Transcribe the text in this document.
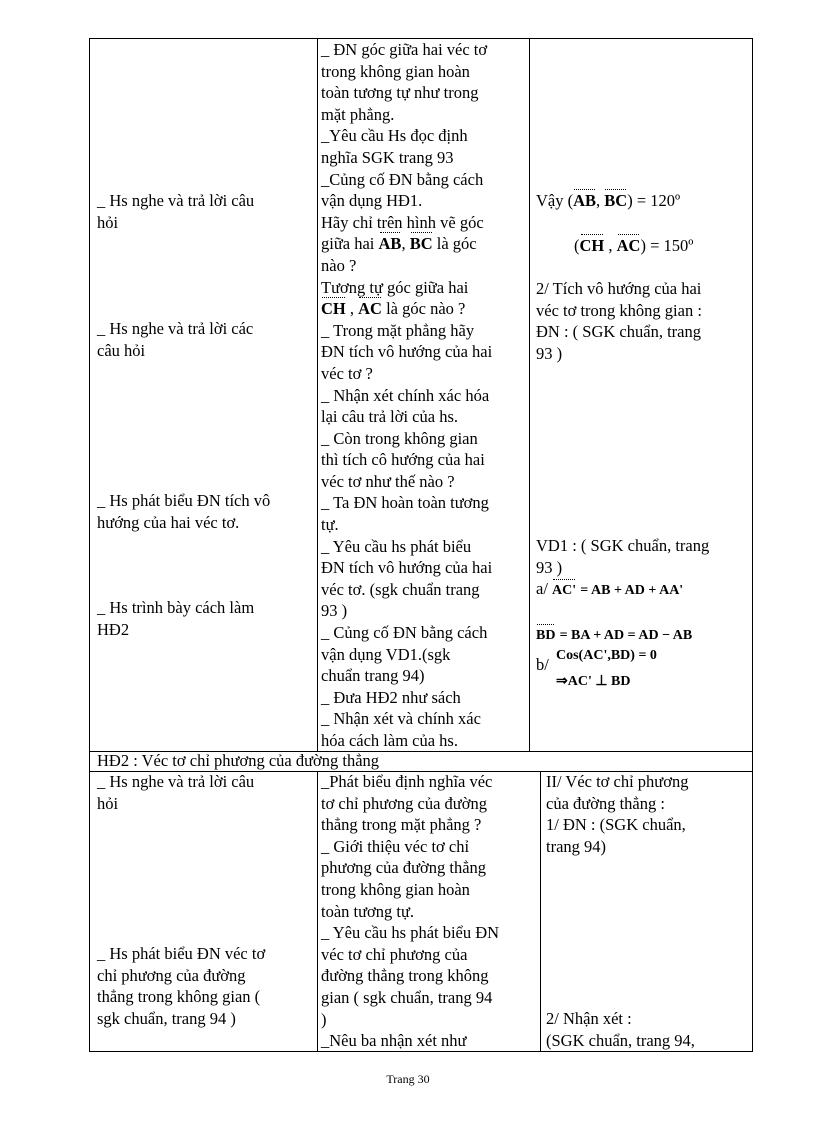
_ Hs nghe và trả lời câu

hỏi

_ Hs nghe và trả lời các

câu hỏi

_ Hs phát biểu ĐN tích vô

hướng của hai véc tơ.

_ Hs trình bày cách làm

HĐ2

_ ĐN góc giữa hai véc tơ

trong không gian hoàn

toàn tương tự như trong

mặt phẳng.

_Yêu cầu Hs đọc định

nghĩa SGK trang 93

_Củng cố ĐN bằng cách

vận dụng HĐ1.

Hãy chỉ trên hình vẽ góc

giữa hai AB, BC là góc

nào ?

Tương tự góc giữa hai

CH , AC là góc nào ?

_ Trong mặt phẳng hãy

ĐN tích vô hướng của hai

véc tơ ?

_ Nhận xét chính xác hóa

lại câu trả lời của hs.

_ Còn trong không gian

thì tích cô hướng của hai

véc tơ như thế nào ?

_ Ta ĐN hoàn toàn tương

tự.

_ Yêu cầu hs phát biểu

ĐN tích vô hướng của hai

véc tơ. (sgk chuẩn trang

93 )

_ Củng cố ĐN bằng cách

vận dụng VD1.(sgk

chuẩn trang 94)

_ Đưa HĐ2 như sách

_ Nhận xét và chính xác

hóa cách làm của hs.

Vậy (AB, BC) = 120º

(CH , AC) = 150º

2/ Tích vô hướng của hai

véc tơ trong không gian :

ĐN : ( SGK chuẩn, trang

93 )

VD1 : ( SGK chuẩn, trang

93 )

a/ AC' = AB + AD + AA'

BD = BA + AD = AD − AB

b/ Cos(AC',BD) = 0

⇒AC' ⊥ BD

HĐ2 : Véc tơ chỉ phương của đường thẳng

_ Hs nghe và trả lời câu

hỏi

_ Hs phát biểu ĐN véc tơ

chỉ phương của đường

thẳng trong không gian (

sgk chuẩn, trang 94 )

_Phát biểu định nghĩa véc

tơ chỉ phương của đường

thẳng trong mặt phẳng ?

_ Giới thiệu véc tơ chỉ

phương của đường thẳng

trong không gian hoàn

toàn tương tự.

_ Yêu cầu hs phát biểu ĐN

véc tơ chỉ phương của

đường thẳng trong không

gian ( sgk chuẩn, trang 94

)

_Nêu ba nhận xét như

II/ Véc tơ chỉ phương

của đường thẳng :

1/ ĐN : (SGK chuẩn,

trang 94)

2/ Nhận xét :

(SGK chuẩn, trang 94,

Trang 30
